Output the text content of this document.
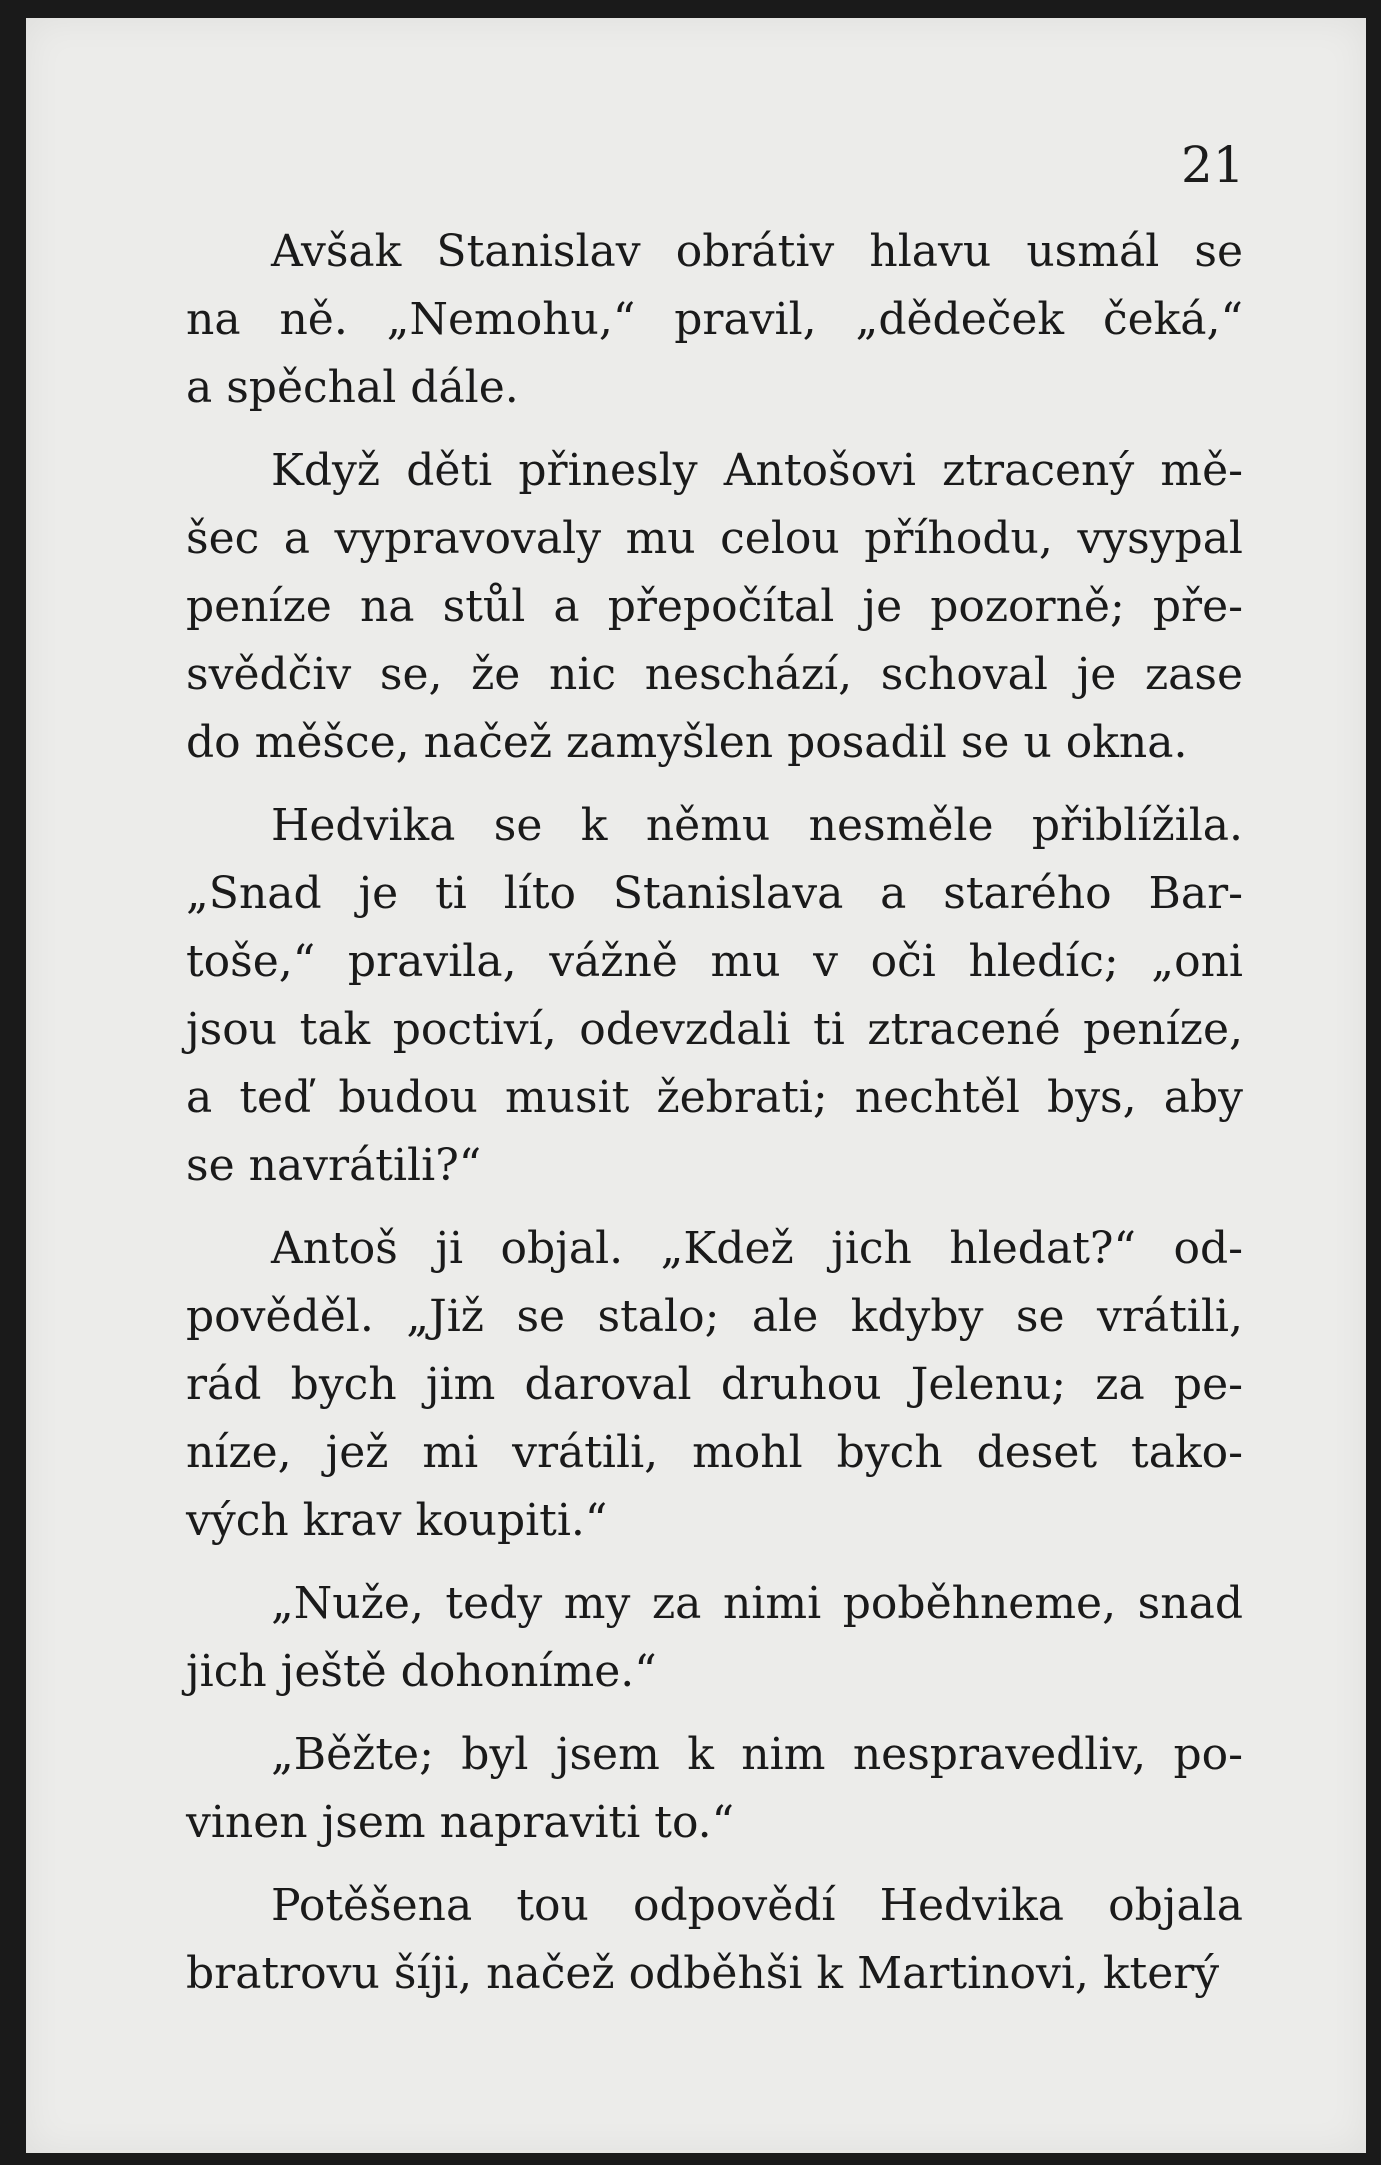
21

Avšak Stanislav obrátiv hlavu usmál se
na ně. „Nemohu,“ pravil, „dědeček čeká,“
a spěchal dále.

Když děti přinesly Antošovi ztracený mě-
šec a vypravovaly mu celou příhodu, vysypal
peníze na stůl a přepočítal je pozorně; pře-
svědčiv se, že nic neschází, schoval je zase
do měšce, načež zamyšlen posadil se u okna.

Hedvika se k němu nesměle přiblížila.
„Snad je ti líto Stanislava a starého Bar-
toše,“ pravila, vážně mu v oči hledíc; „oni
jsou tak poctiví, odevzdali ti ztracené peníze,
a teď budou musit žebrati; nechtěl bys, aby
se navrátili?“

Antoš ji objal. „Kdež jich hledat?“ od-
pověděl. „Již se stalo; ale kdyby se vrátili,
rád bych jim daroval druhou Jelenu; za pe-
níze, jež mi vrátili, mohl bych deset tako-
vých krav koupiti.“

„Nuže, tedy my za nimi poběhneme, snad
jich ještě dohoníme.“

„Běžte; byl jsem k nim nespravedliv, po-
vinen jsem napraviti to.“

Potěšena tou odpovědí Hedvika objala
bratrovu šíji, načež odběhši k Martinovi, který
